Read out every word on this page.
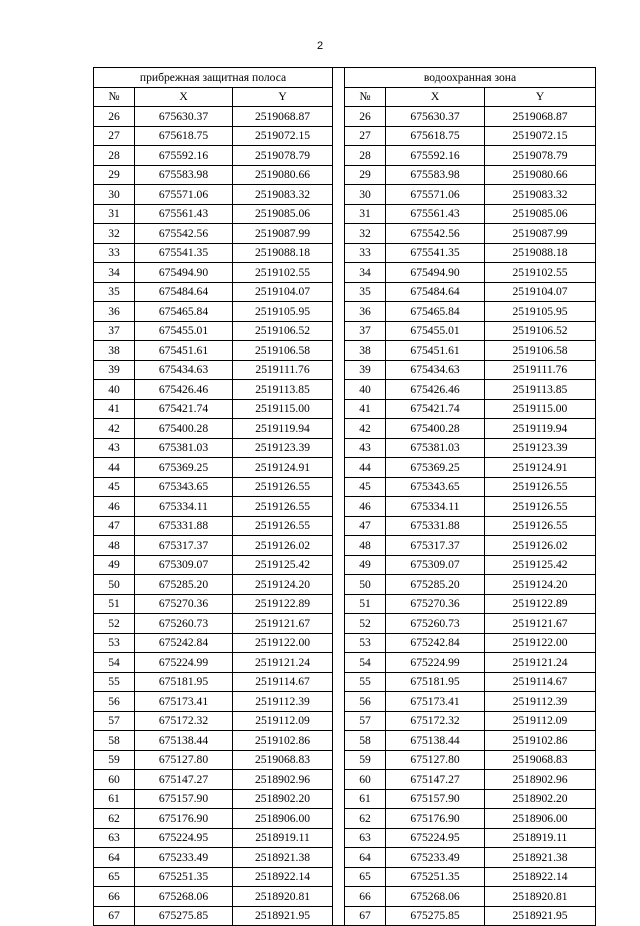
2
прибрежная защитная полоса				водоохранная зона		
№	X	Y		№	X	Y
26	675630.37	2519068.87		26	675630.37	2519068.87
27	675618.75	2519072.15		27	675618.75	2519072.15
28	675592.16	2519078.79		28	675592.16	2519078.79
29	675583.98	2519080.66		29	675583.98	2519080.66
30	675571.06	2519083.32		30	675571.06	2519083.32
31	675561.43	2519085.06		31	675561.43	2519085.06
32	675542.56	2519087.99		32	675542.56	2519087.99
33	675541.35	2519088.18		33	675541.35	2519088.18
34	675494.90	2519102.55		34	675494.90	2519102.55
35	675484.64	2519104.07		35	675484.64	2519104.07
36	675465.84	2519105.95		36	675465.84	2519105.95
37	675455.01	2519106.52		37	675455.01	2519106.52
38	675451.61	2519106.58		38	675451.61	2519106.58
39	675434.63	2519111.76		39	675434.63	2519111.76
40	675426.46	2519113.85		40	675426.46	2519113.85
41	675421.74	2519115.00		41	675421.74	2519115.00
42	675400.28	2519119.94		42	675400.28	2519119.94
43	675381.03	2519123.39		43	675381.03	2519123.39
44	675369.25	2519124.91		44	675369.25	2519124.91
45	675343.65	2519126.55		45	675343.65	2519126.55
46	675334.11	2519126.55		46	675334.11	2519126.55
47	675331.88	2519126.55		47	675331.88	2519126.55
48	675317.37	2519126.02		48	675317.37	2519126.02
49	675309.07	2519125.42		49	675309.07	2519125.42
50	675285.20	2519124.20		50	675285.20	2519124.20
51	675270.36	2519122.89		51	675270.36	2519122.89
52	675260.73	2519121.67		52	675260.73	2519121.67
53	675242.84	2519122.00		53	675242.84	2519122.00
54	675224.99	2519121.24		54	675224.99	2519121.24
55	675181.95	2519114.67		55	675181.95	2519114.67
56	675173.41	2519112.39		56	675173.41	2519112.39
57	675172.32	2519112.09		57	675172.32	2519112.09
58	675138.44	2519102.86		58	675138.44	2519102.86
59	675127.80	2519068.83		59	675127.80	2519068.83
60	675147.27	2518902.96		60	675147.27	2518902.96
61	675157.90	2518902.20		61	675157.90	2518902.20
62	675176.90	2518906.00		62	675176.90	2518906.00
63	675224.95	2518919.11		63	675224.95	2518919.11
64	675233.49	2518921.38		64	675233.49	2518921.38
65	675251.35	2518922.14		65	675251.35	2518922.14
66	675268.06	2518920.81		66	675268.06	2518920.81
67	675275.85	2518921.95		67	675275.85	2518921.95
